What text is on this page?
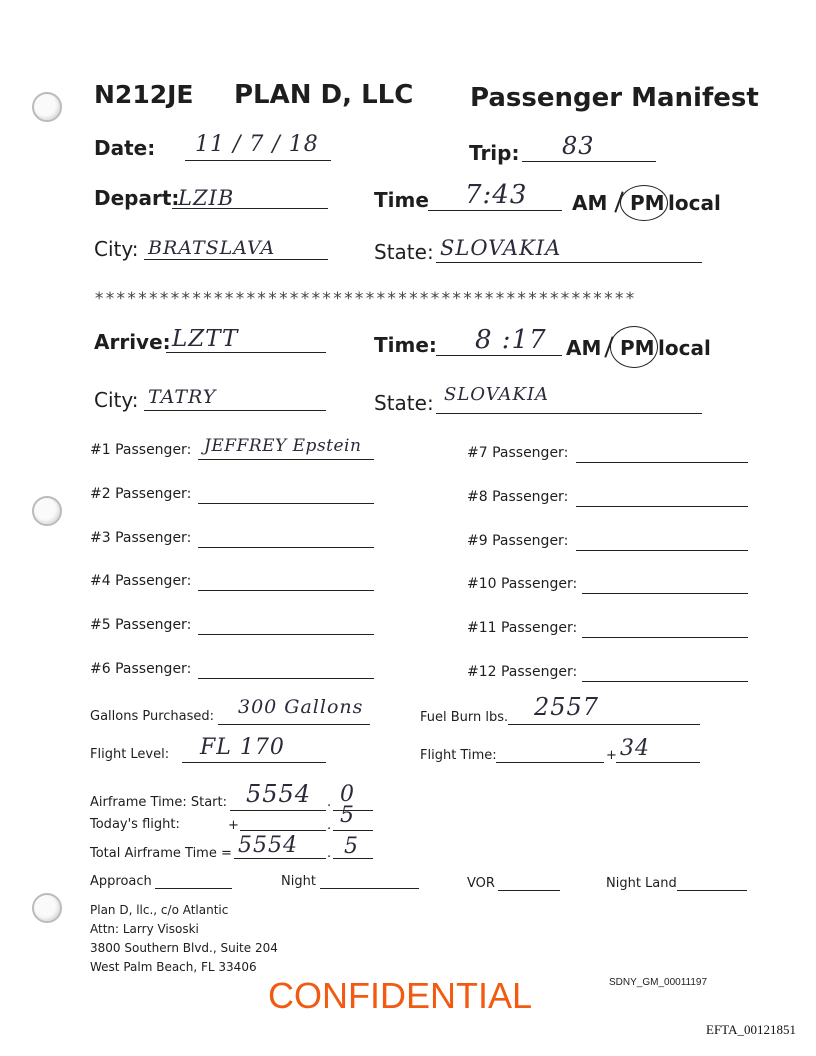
N212JE PLAN D, LLC Passenger Manifest
Date: 11 / 7 / 18	Trip: 83
Depart:
LZIB	Time 7:43 AM PM local
City: BRATSLAVA	State: SLOVAKIA
**************************************************
Arrive: LZTT	Time: 8 :17 AM PM local
City: TATRY	State: SLOVAKIA
#1 Passenger: JEFFREY Epstein
#2 Passenger:
#3 Passenger:
#4 Passenger:
#5 Passenger:
#6 Passenger:
#7 Passenger:
#8 Passenger:
#9 Passenger:
#10 Passenger:
#11 Passenger:
#12 Passenger:
Gallons Purchased: 300 Gallons	Fuel Burn lbs. 2557
Flight Level: FL 170	Flight Time:	+ 34
Airframe Time: Start: 5554 . 0
Today's flight:	+	. 5
Total Airframe Time = 5554 . 5
Approach	Night	VOR	Night Land
Plan D, llc., c/o Atlantic
Attn: Larry Visoski
3800 Southern Blvd., Suite 204
West Palm Beach, FL 33406
CONFIDENTIAL	SDNY_GM_00011197
EFTA_00121851
